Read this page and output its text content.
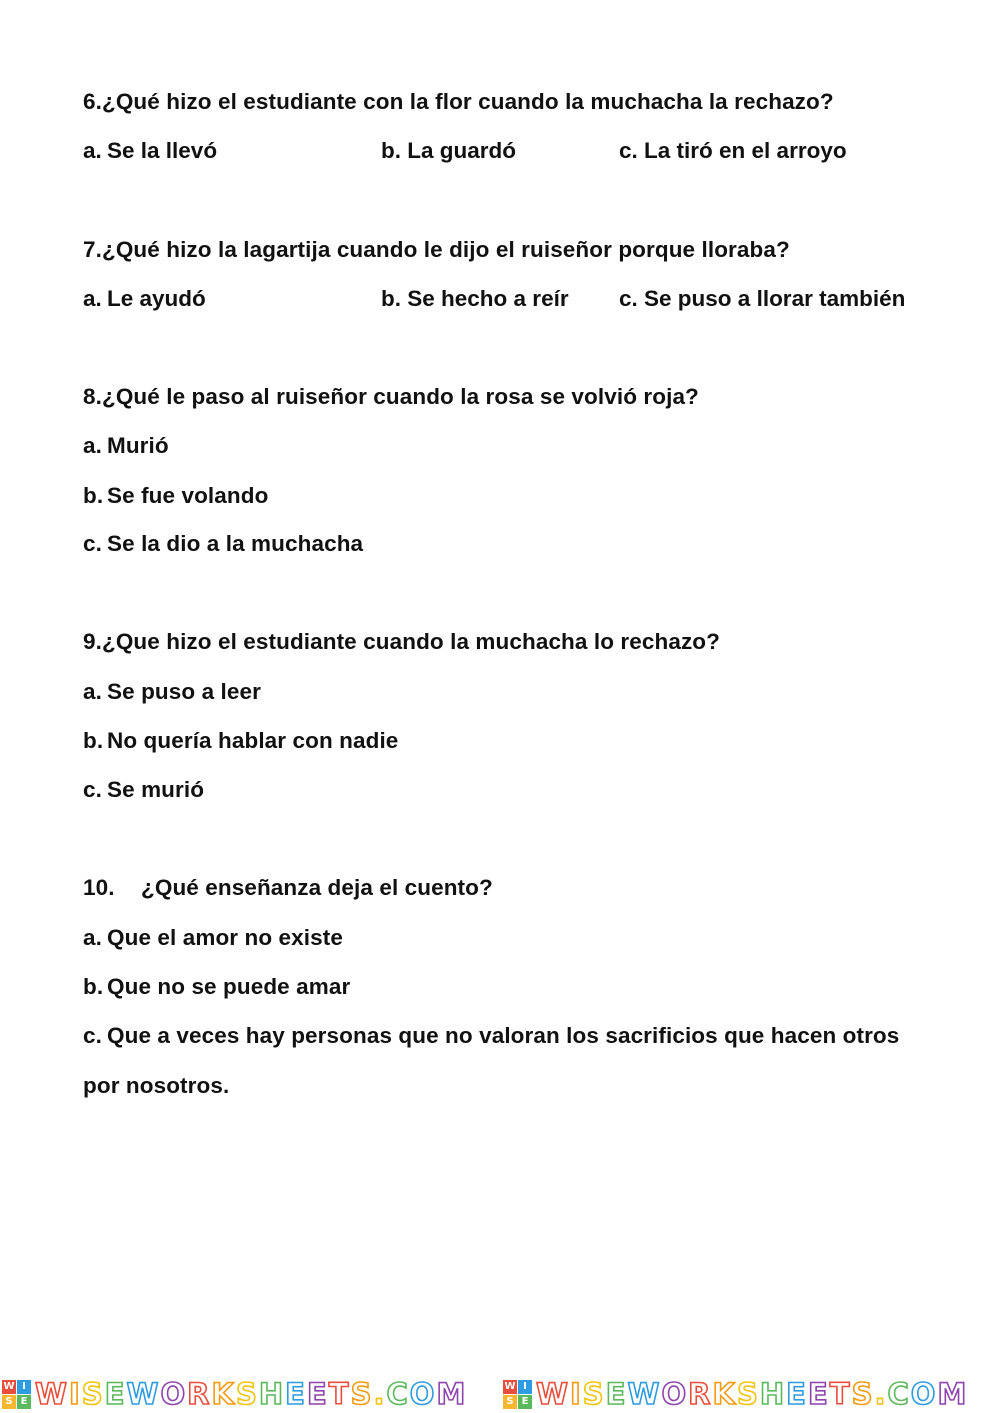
6.¿Qué hizo el estudiante con la flor cuando la muchacha la rechazo?
a. Se la llevó	b. La guardó	c. La tiró en el arroyo
7.¿Qué hizo la lagartija cuando le dijo el ruiseñor porque lloraba?
a. Le ayudó	b. Se hecho a reír c. Se puso a llorar también
8.¿Qué le paso al ruiseñor cuando la rosa se volvió roja?
a. Murió
b. Se fue volando
c. Se la dio a la muchacha
9.¿Que hizo el estudiante cuando la muchacha lo rechazo?
a. Se puso a leer
b. No quería hablar con nadie
c. Se murió
10. ¿Qué enseñanza deja el cuento?
a. Que el amor no existe
b. Que no se puede amar
c. Que a veces hay personas que no valoran los sacrificios que hacen otros
por nosotros.
W I
S E WISEWORKSHEETS.COM	W I
S E WISEWORKSHEETS.COM
